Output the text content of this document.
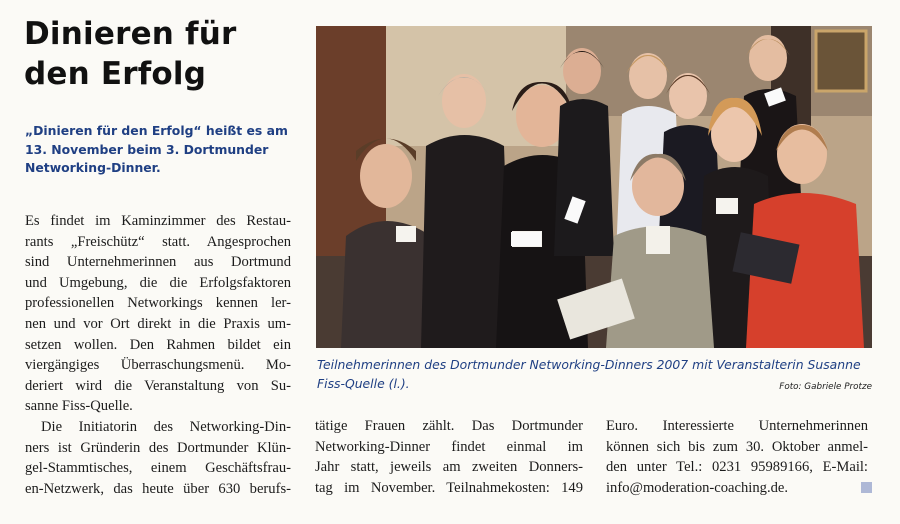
Dinieren für
den Erfolg
„Dinieren für den Erfolg“ heißt es am
13. November beim 3. Dortmunder
Networking-Dinner.

Es findet im Kaminzimmer des Restau-
rants „Freischütz“ statt. Angesprochen
sind Unternehmerinnen aus Dortmund
und Umgebung, die die Erfolgsfaktoren
professionellen Networkings kennen ler-
nen und vor Ort direkt in die Praxis um-
setzen wollen. Den Rahmen bildet ein
viergängiges Überraschungsmenü. Mo-
deriert wird die Veranstaltung von Su-
sanne Fiss-Quelle.

Die Initiatorin des Networking-Din-
ners ist Gründerin des Dortmunder Klün-
gel-Stammtisches, einem Geschäftsfrau-
en-Netzwerk, das heute über 630 berufs-

Teilnehmerinnen des Dortmunder Networking-Dinners 2007 mit Veranstalterin Susanne
Fiss-Quelle (l.).	Foto: Gabriele Protze

tätige Frauen zählt. Das Dortmunder
Networking-Dinner findet einmal im
Jahr statt, jeweils am zweiten Donners-
tag im November. Teilnahmekosten: 149

Euro. Interessierte Unternehmerinnen
können sich bis zum 30. Oktober anmel-
den unter Tel.: 0231 95989166, E-Mail:
info@moderation-coaching.de.
